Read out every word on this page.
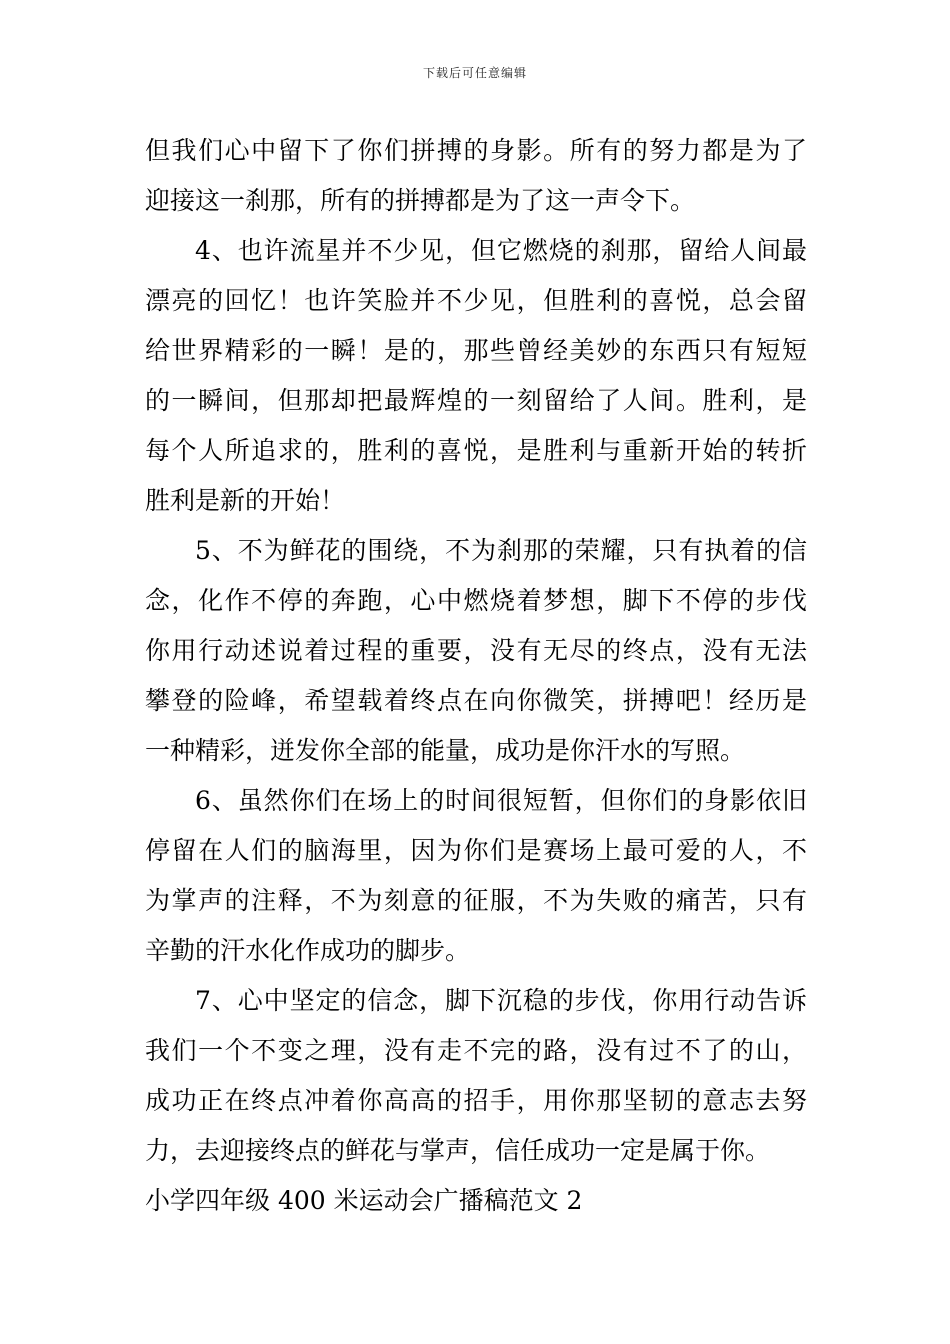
下载后可任意编辑
但我们心中留下了你们拼搏的身影。所有的努力都是为了
迎接这一刹那，所有的拼搏都是为了这一声令下。
4、也许流星并不少见，但它燃烧的刹那，留给人间最
漂亮的回忆！也许笑脸并不少见，但胜利的喜悦，总会留
给世界精彩的一瞬！是的，那些曾经美妙的东西只有短短
的一瞬间，但那却把最辉煌的一刻留给了人间。胜利，是
每个人所追求的，胜利的喜悦，是胜利与重新开始的转折
胜利是新的开始！
5、不为鲜花的围绕，不为刹那的荣耀，只有执着的信
念，化作不停的奔跑，心中燃烧着梦想，脚下不停的步伐
你用行动述说着过程的重要，没有无尽的终点，没有无法
攀登的险峰，希望载着终点在向你微笑，拼搏吧！经历是
一种精彩，迸发你全部的能量，成功是你汗水的写照。
6、虽然你们在场上的时间很短暂，但你们的身影依旧
停留在人们的脑海里，因为你们是赛场上最可爱的人，不
为掌声的注释，不为刻意的征服，不为失败的痛苦，只有
辛勤的汗水化作成功的脚步。
7、心中坚定的信念，脚下沉稳的步伐，你用行动告诉
我们一个不变之理，没有走不完的路，没有过不了的山，
成功正在终点冲着你高高的招手，用你那坚韧的意志去努
力，去迎接终点的鲜花与掌声，信任成功一定是属于你。
小学四年级 400 米运动会广播稿范文 2
